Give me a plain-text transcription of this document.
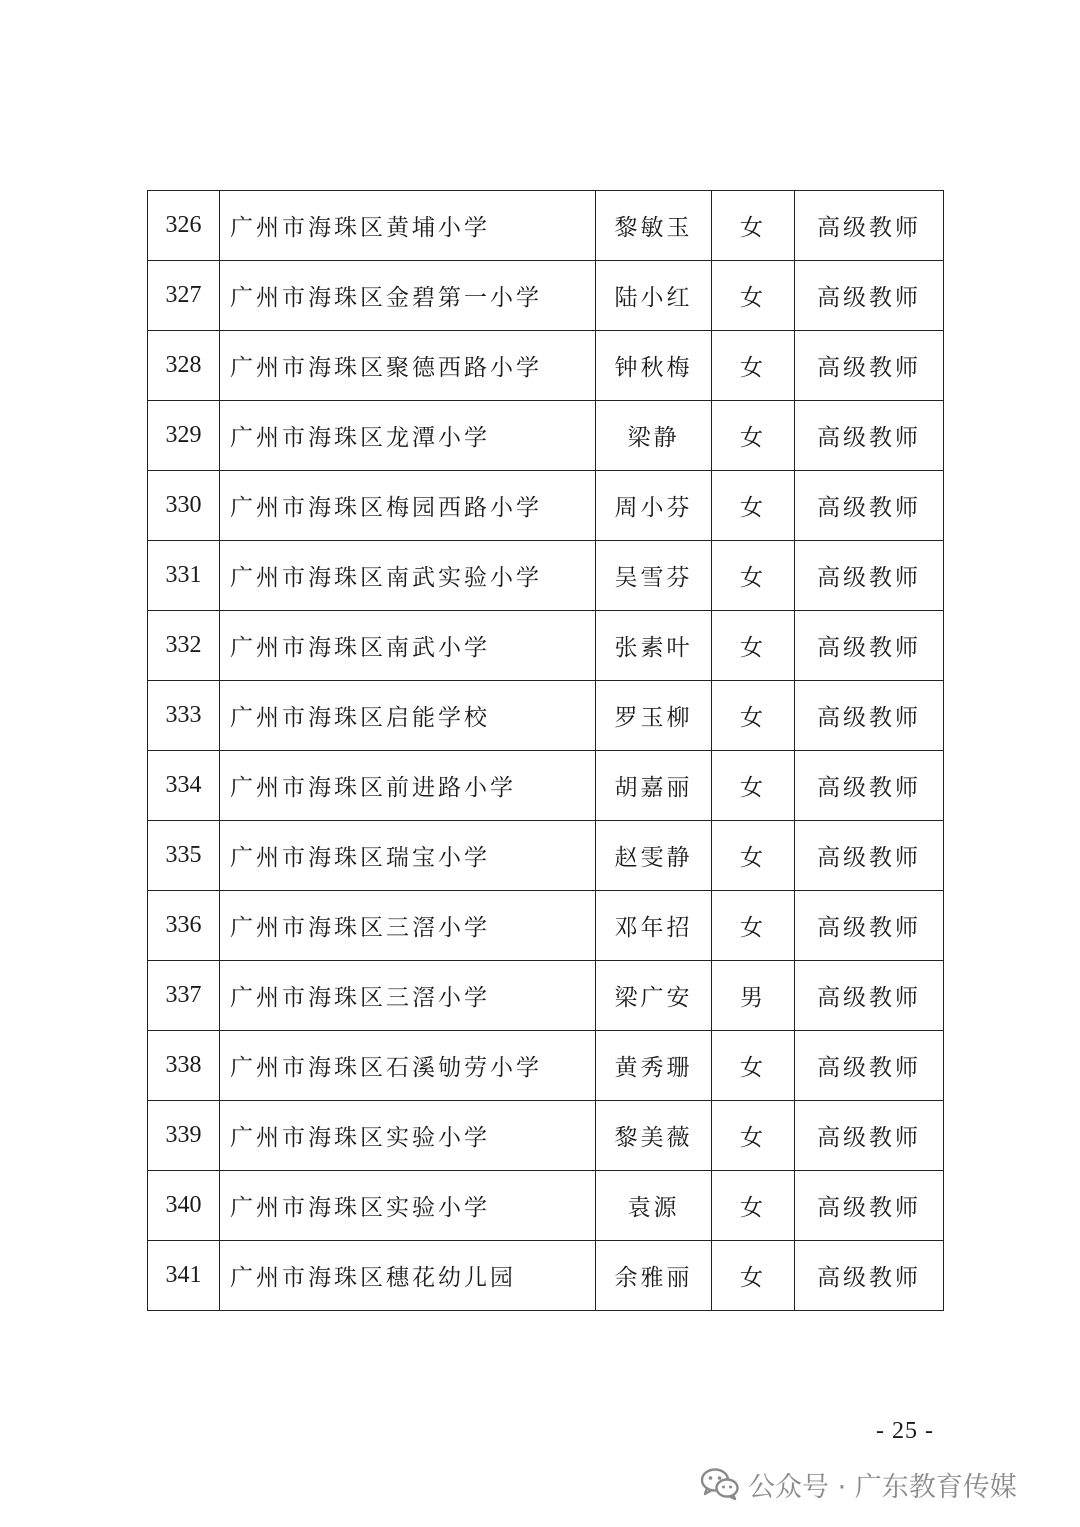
326	广州市海珠区黄埔小学	黎敏玉	女	高级教师
327	广州市海珠区金碧第一小学	陆小红	女	高级教师
328	广州市海珠区聚德西路小学	钟秋梅	女	高级教师
329	广州市海珠区龙潭小学	梁静	女	高级教师
330	广州市海珠区梅园西路小学	周小芬	女	高级教师
331	广州市海珠区南武实验小学	吴雪芬	女	高级教师
332	广州市海珠区南武小学	张素叶	女	高级教师
333	广州市海珠区启能学校	罗玉柳	女	高级教师
334	广州市海珠区前进路小学	胡嘉丽	女	高级教师
335	广州市海珠区瑞宝小学	赵雯静	女	高级教师
336	广州市海珠区三滘小学	邓年招	女	高级教师
337	广州市海珠区三滘小学	梁广安	男	高级教师
338	广州市海珠区石溪劬劳小学	黄秀珊	女	高级教师
339	广州市海珠区实验小学	黎美薇	女	高级教师
340	广州市海珠区实验小学	袁源	女	高级教师
341	广州市海珠区穗花幼儿园	余雅丽	女	高级教师
- 25 -
公众号 · 广东教育传媒
